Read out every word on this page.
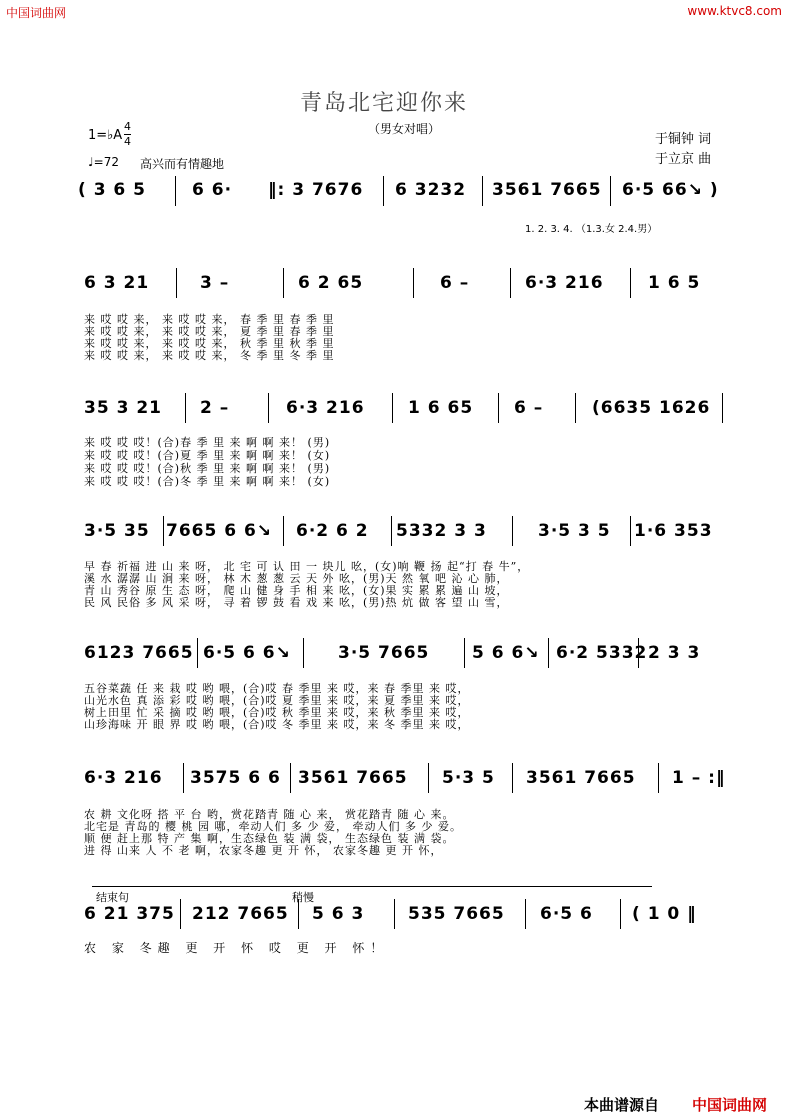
中国词曲网	www.ktvc8.com
青岛北宅迎你来
（男女对唱）
1=♭A
4
4
♩=72 高兴而有情趣地
于铜钟 词
于立京 曲
( 3 6 5	6 6· ‖: 3 7676 6 3232 3561 7665 6·5 66↘ )
1. 2. 3. 4. （1.3.女 2.4.男）
6 3 21	3 –	6 2 65	6 –	6·3 216	1 6 5
来 哎 哎 来， 来 哎 哎 来， 春 季 里 春 季 里
来 哎 哎 来， 来 哎 哎 来， 夏 季 里 春 季 里
来 哎 哎 来， 来 哎 哎 来， 秋 季 里 秋 季 里
来 哎 哎 来， 来 哎 哎 来， 冬 季 里 冬 季 里
35 3 21 2 –	6·3 216	1 6 65 6 –	(6635 1626
来 哎 哎 哎！(合)春 季 里 来 啊 啊 来！ (男)
来 哎 哎 哎！(合)夏 季 里 来 啊 啊 来！ (女)
来 哎 哎 哎！(合)秋 季 里 来 啊 啊 来！ (男)
来 哎 哎 哎！(合)冬 季 里 来 啊 啊 来！ (女)
3·5 35 7665 6 6↘ 6·2 6 2 5332 3 3	3·5 3 5 1·6 353
早 春 祈福 进 山 来 呀， 北 宅 可 认 田 一 块儿 吆，(女)响 鞭 扬 起“打 春 牛”，
溪 水 潺潺 山 涧 来 呀， 林 木 葱 葱 云 天 外 吆，(男)天 然 氧 吧 沁 心 肺，
青 山 秀谷 原 生 态 呀， 爬 山 健 身 手 相 来 吆，(女)果 实 累 累 遍 山 坡，
民 风 民俗 多 风 采 呀， 寻 着 锣 鼓 看 戏 来 吆，(男)热 炕 做 客 望 山 雪，
6123 7665 6·5 6 6↘	3·5 7665	5 6 6↘ 6·2 5332 2 3 3
五谷菜蔬 任 来 栽 哎 哟 喂，(合)哎 春 季里 来 哎，来 春 季里 来 哎，
山光水色 真 添 彩 哎 哟 喂，(合)哎 夏 季里 来 哎，来 夏 季里 来 哎，
树上田里 忙 采 摘 哎 哟 喂，(合)哎 秋 季里 来 哎，来 秋 季里 来 哎，
山珍海味 开 眼 界 哎 哟 喂，(合)哎 冬 季里 来 哎，来 冬 季里 来 哎，
6·3 216 3575 6 6 3561 7665 5·3 5 3561 7665 1 – :‖
农 耕 文化呀 搭 平 台 哟，赏花踏青 随 心 来， 赏花踏青 随 心 来。
北宅是 青岛的 樱 桃 园 哪，牵动人们 多 少 爱， 牵动人们 多 少 爱。
顺 便 赶上那 特 产 集 啊，生态绿色 装 满 袋， 生态绿色 装 满 袋。
进 得 山来 人 不 老 啊，农家冬趣 更 开 怀， 农家冬趣 更 开 怀，
结束句	稍慢
6 21 375 212 7665 5 6 3	535 7665 6·5 6 ( 1 0 ‖
农 家 冬趣 更 开 怀 哎 更 开 怀！
本曲谱源自 中国词曲网
